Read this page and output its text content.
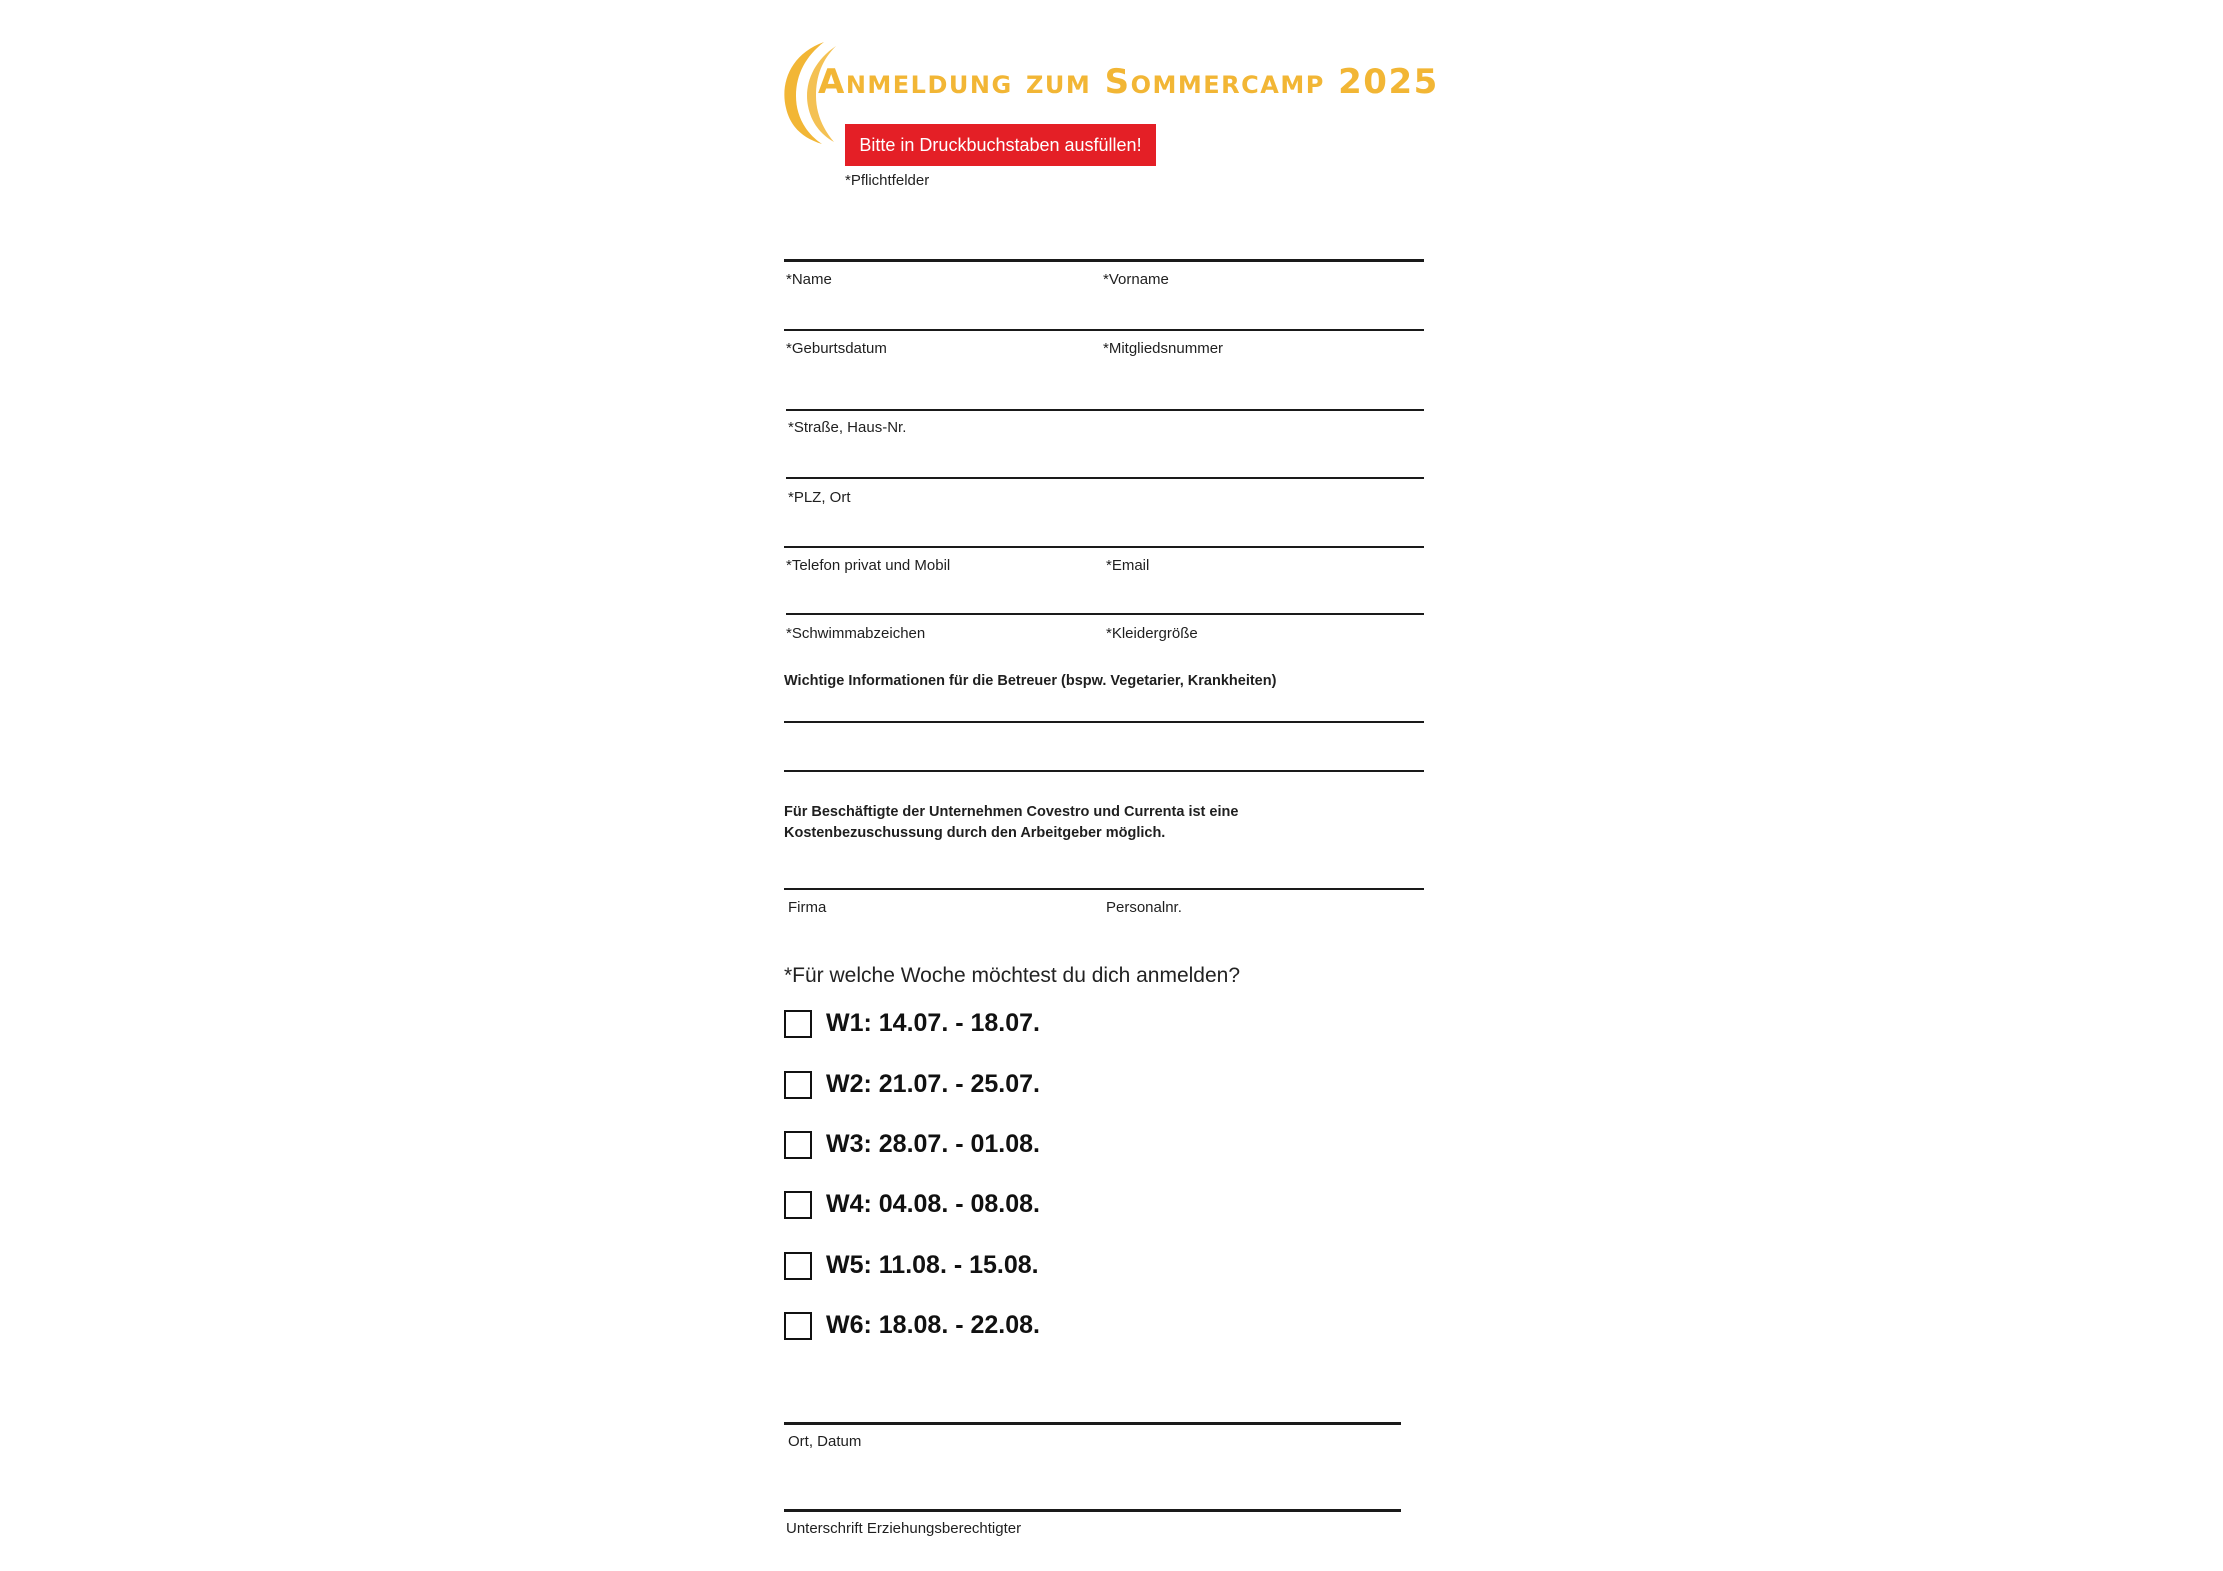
Anmeldung zum Sommercamp 2025
Bitte in Druckbuchstaben ausfüllen!
*Pflichtfelder
*Name	*Vorname
*Geburtsdatum	*Mitgliedsnummer
*Straße, Haus-Nr.
*PLZ, Ort
*Telefon privat und Mobil	*Email
*Schwimmabzeichen	*Kleidergröße
Wichtige Informationen für die Betreuer (bspw. Vegetarier, Krankheiten)
Für Beschäftigte der Unternehmen Covestro und Currenta ist eine Kostenbezuschussung durch den Arbeitgeber möglich.
Firma	Personalnr.
*Für welche Woche möchtest du dich anmelden?
W1: 14.07. - 18.07.
W2: 21.07. - 25.07.
W3: 28.07. - 01.08.
W4: 04.08. - 08.08.
W5: 11.08. - 15.08.
W6: 18.08. - 22.08.
Ort, Datum
Unterschrift Erziehungsberechtigter
